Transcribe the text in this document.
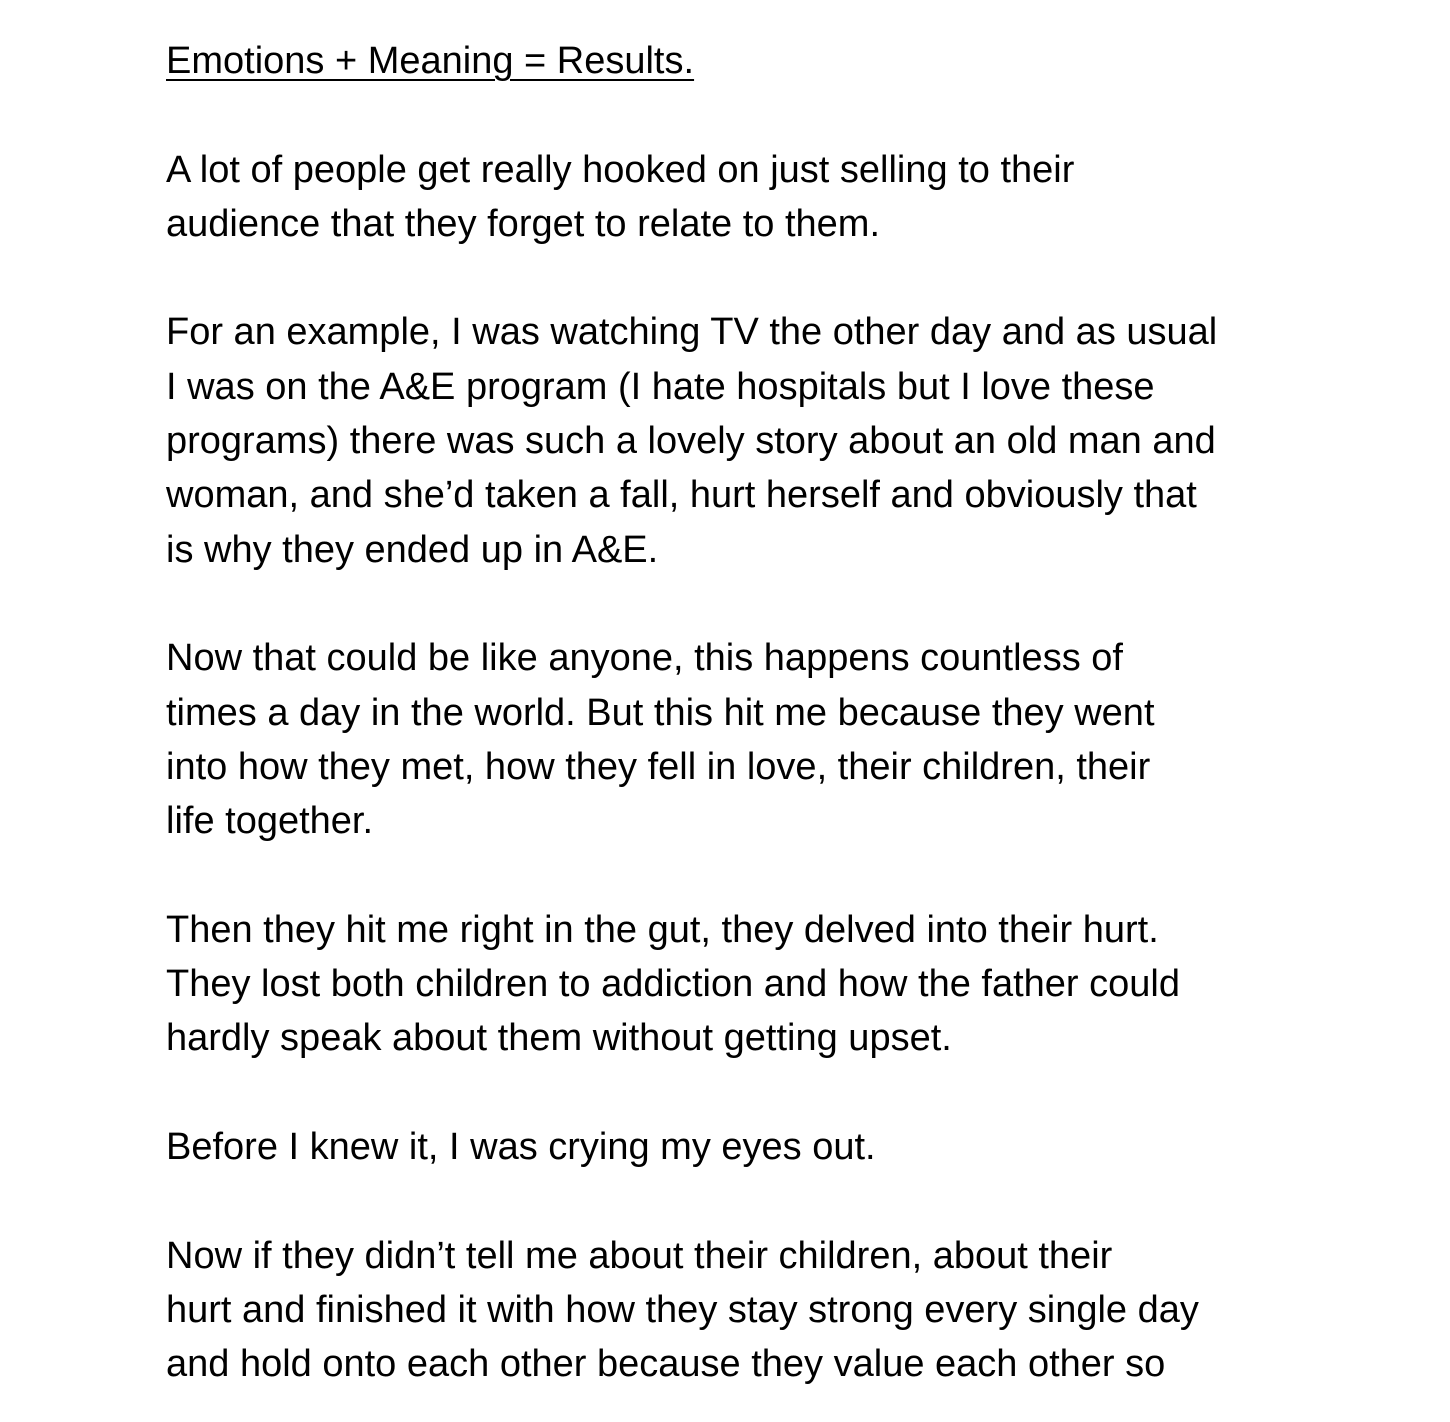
Emotions + Meaning = Results.

A lot of people get really hooked on just selling to their
audience that they forget to relate to them.

For an example, I was watching TV the other day and as usual
I was on the A&E program (I hate hospitals but I love these
programs) there was such a lovely story about an old man and
woman, and she’d taken a fall, hurt herself and obviously that
is why they ended up in A&E.

Now that could be like anyone, this happens countless of
times a day in the world. But this hit me because they went
into how they met, how they fell in love, their children, their
life together.

Then they hit me right in the gut, they delved into their hurt.
They lost both children to addiction and how the father could
hardly speak about them without getting upset.

Before I knew it, I was crying my eyes out.

Now if they didn’t tell me about their children, about their
hurt and finished it with how they stay strong every single day
and hold onto each other because they value each other so
